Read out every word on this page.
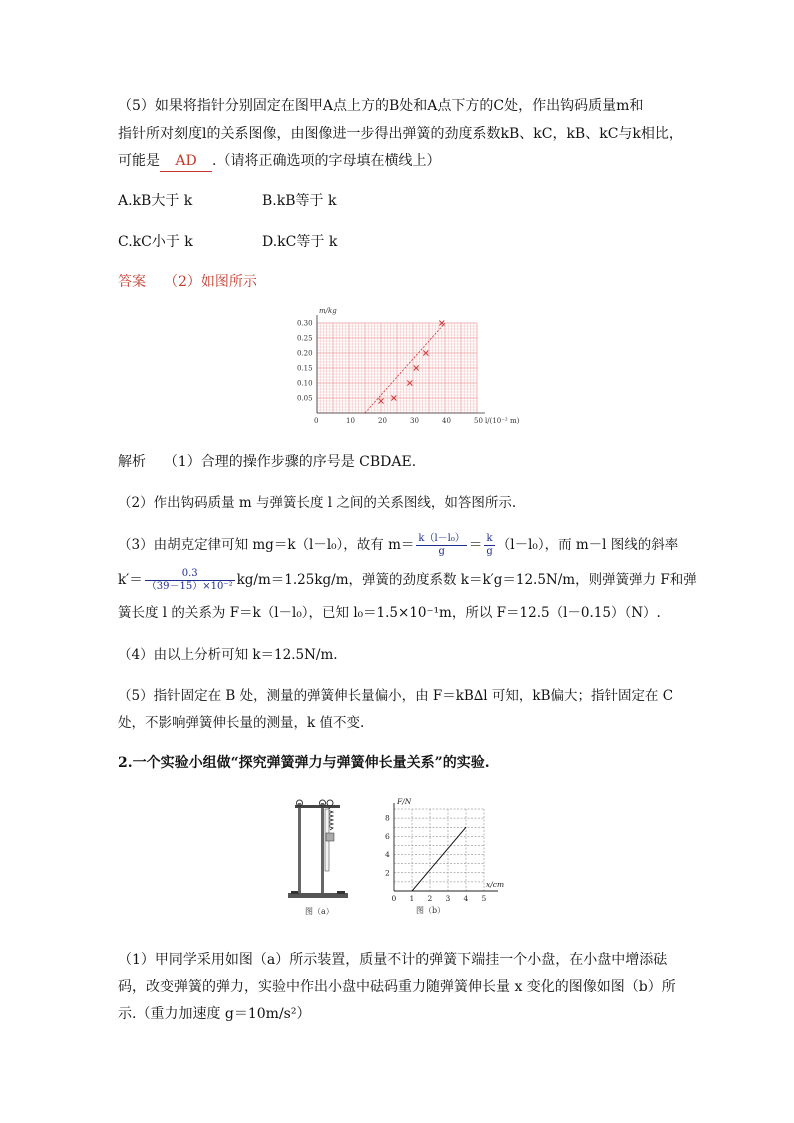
（5）如果将指针分别固定在图甲A点上方的B处和A点下方的C处，作出钩码质量m和
指针所对刻度l的关系图像，由图像进一步得出弹簧的劲度系数kB、kC，kB、kC与k相比，
可能是 AD .（请将正确选项的字母填在横线上）
A.kB大于 k	B.kB等于 k
C.kC小于 k	D.kC等于 k
答案 （2）如图所示
0	10	20	30	40	50
0.05
0.10
0.15
0.20
0.25
0.30
l/(10⁻² m)
m/kg
解析 （1）合理的操作步骤的序号是 CBDAE.
（2）作出钩码质量 m 与弹簧长度 l 之间的关系图线，如答图所示.
（3）由胡克定律可知 mg＝k（l－l₀），故有 $m= \frac{\text{k（l－l₀）}}{g} = \frac{k}{g} (l-l_0)$，而 m－l 图线的斜率
$k'= \frac{0.3}{\text{（39－15）×10⁻²}} kg/m=1.25kg/m$，弹簧的劲度系数 k＝k′g＝12.5N/m，则弹簧弹力 F和弹
簧长度 l 的关系为 F＝k（l－l₀），已知 l₀＝1.5×10⁻¹m，所以 F＝12.5（l－0.15）（N）.
（4）由以上分析可知 k＝12.5N/m.
（5）指针固定在 B 处，测量的弹簧伸长量偏小，由 F＝kB∆l 可知，kB偏大；指针固定在 C
处，不影响弹簧伸长量的测量，k 值不变.
2.一个实验小组做“探究弹簧弹力与弹簧伸长量关系”的实验.
图（a）
0 1 2 3 4 5
2
4
6
8
x/cm
F/N
图（b）
（1）甲同学采用如图（a）所示装置，质量不计的弹簧下端挂一个小盘，在小盘中增添砝
码，改变弹簧的弹力，实验中作出小盘中砝码重力随弹簧伸长量 x 变化的图像如图（b）所
示.（重力加速度 g＝10m/s²）
